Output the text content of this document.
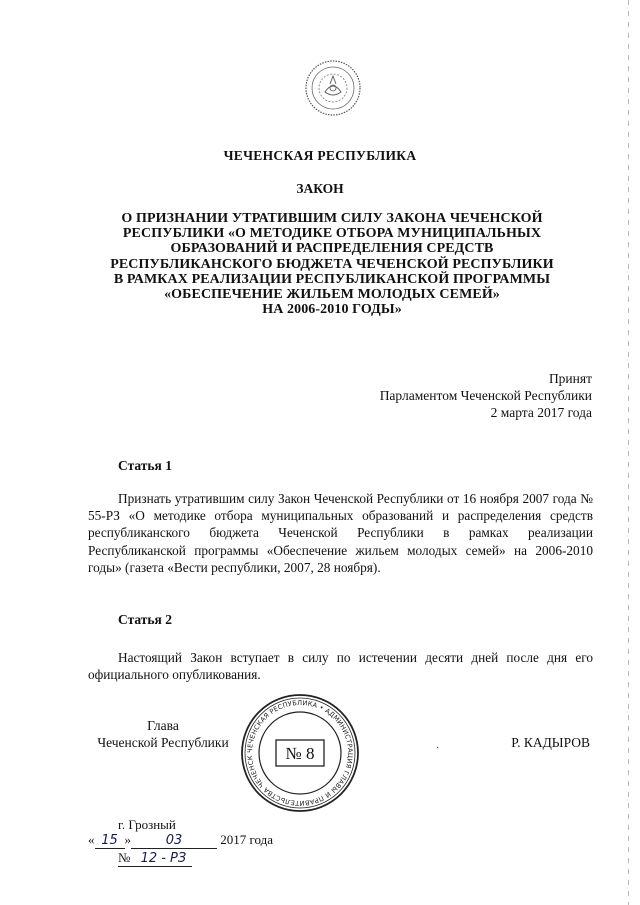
ЧЕЧЕНСКАЯ РЕСПУБЛИКА
ЗАКОН
О ПРИЗНАНИИ УТРАТИВШИМ СИЛУ ЗАКОНА ЧЕЧЕНСКОЙ
РЕСПУБЛИКИ «О МЕТОДИКЕ ОТБОРА МУНИЦИПАЛЬНЫХ
ОБРАЗОВАНИЙ И РАСПРЕДЕЛЕНИЯ СРЕДСТВ
РЕСПУБЛИКАНСКОГО БЮДЖЕТА ЧЕЧЕНСКОЙ РЕСПУБЛИКИ
В РАМКАХ РЕАЛИЗАЦИИ РЕСПУБЛИКАНСКОЙ ПРОГРАММЫ
«ОБЕСПЕЧЕНИЕ ЖИЛЬЕМ МОЛОДЫХ СЕМЕЙ»
НА 2006-2010 ГОДЫ»
Принят
Парламентом Чеченской Республики
2 марта 2017 года
Статья 1
Признать утратившим силу Закон Чеченской Республики от 16 ноября 2007 года № 55-РЗ «О методике отбора муниципальных образований и распределения средств республиканского бюджета Чеченской Республики в рамках реализации Республиканской программы «Обеспечение жильем молодых семей» на 2006-2010 годы» (газета «Вести республики, 2007, 28 ноября).
Статья 2
Настоящий Закон вступает в силу по истечении десяти дней после дня его официального опубликования.
Глава
Чеченской Республики
ЧЕЧЕНСКАЯ РЕСПУБЛИКА • АДМИНИСТРАЦИЯ ГЛАВЫ И ПРАВИТЕЛЬСТВА ЧЕЧЕНСК	№ 8	·	Р. КАДЫРОВ
г. Грозный
« 15 »	03	2017 года
№ 12 - РЗ
